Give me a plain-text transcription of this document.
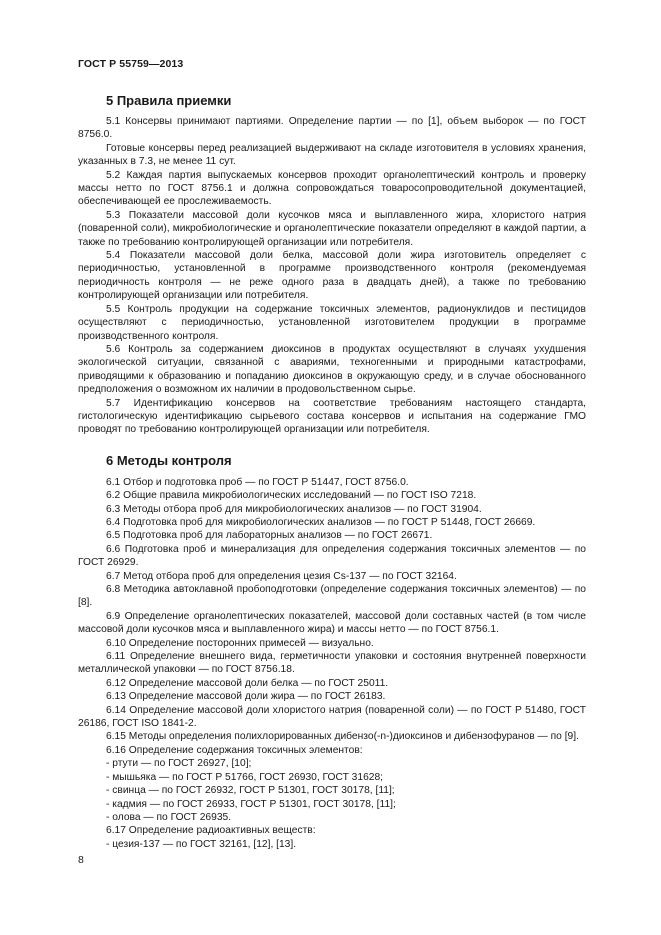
ГОСТ Р 55759—2013
5 Правила приемки

5.1 Консервы принимают партиями. Определение партии — по [1], объем выборок — по ГОСТ 8756.0.

Готовые консервы перед реализацией выдерживают на складе изготовителя в условиях хранения, указанных в 7.3, не менее 11 сут.

5.2 Каждая партия выпускаемых консервов проходит органолептический контроль и проверку массы нетто по ГОСТ 8756.1 и должна сопровождаться товаросопроводительной документацией, обеспечивающей ее прослеживаемость.

5.3 Показатели массовой доли кусочков мяса и выплавленного жира, хлористого натрия (поваренной соли), микробиологические и органолептические показатели определяют в каждой партии, а также по требованию контролирующей организации или потребителя.

5.4 Показатели массовой доли белка, массовой доли жира изготовитель определяет с периодичностью, установленной в программе производственного контроля (рекомендуемая периодичность контроля — не реже одного раза в двадцать дней), а также по требованию контролирующей организации или потребителя.

5.5 Контроль продукции на содержание токсичных элементов, радионуклидов и пестицидов осуществляют с периодичностью, установленной изготовителем продукции в программе производственного контроля.

5.6 Контроль за содержанием диоксинов в продуктах осуществляют в случаях ухудшения экологической ситуации, связанной с авариями, техногенными и природными катастрофами, приводящими к образованию и попаданию диоксинов в окружающую среду, и в случае обоснованного предположения о возможном их наличии в продовольственном сырье.

5.7 Идентификацию консервов на соответствие требованиям настоящего стандарта, гистологическую идентификацию сырьевого состава консервов и испытания на содержание ГМО проводят по требованию контролирующей организации или потребителя.

6 Методы контроля

6.1 Отбор и подготовка проб — по ГОСТ Р 51447, ГОСТ 8756.0.

6.2 Общие правила микробиологических исследований — по ГОСТ ISO 7218.

6.3 Методы отбора проб для микробиологических анализов — по ГОСТ 31904.

6.4 Подготовка проб для микробиологических анализов — по ГОСТ Р 51448, ГОСТ 26669.

6.5 Подготовка проб для лабораторных анализов — по ГОСТ 26671.

6.6 Подготовка проб и минерализация для определения содержания токсичных элементов — по ГОСТ 26929.

6.7 Метод отбора проб для определения цезия Cs-137 — по ГОСТ 32164.

6.8 Методика автоклавной пробоподготовки (определение содержания токсичных элементов) — по [8].

6.9 Определение органолептических показателей, массовой доли составных частей (в том числе массовой доли кусочков мяса и выплавленного жира) и массы нетто — по ГОСТ 8756.1.

6.10 Определение посторонних примесей — визуально.

6.11 Определение внешнего вида, герметичности упаковки и состояния внутренней поверхности металлической упаковки — по ГОСТ 8756.18.

6.12 Определение массовой доли белка — по ГОСТ 25011.

6.13 Определение массовой доли жира — по ГОСТ 26183.

6.14 Определение массовой доли хлористого натрия (поваренной соли) — по ГОСТ Р 51480, ГОСТ 26186, ГОСТ ISO 1841-2.

6.15 Методы определения полихлорированных дибензо(-n-)диоксинов и дибензофуранов — по [9].

6.16 Определение содержания токсичных элементов:

- ртути — по ГОСТ 26927, [10];

- мышьяка — по ГОСТ Р 51766, ГОСТ 26930, ГОСТ 31628;

- свинца — по ГОСТ 26932, ГОСТ Р 51301, ГОСТ 30178, [11];

- кадмия — по ГОСТ 26933, ГОСТ Р 51301, ГОСТ 30178, [11];

- олова — по ГОСТ 26935.

6.17 Определение радиоактивных веществ:

- цезия-137 — по ГОСТ 32161, [12], [13].

8
